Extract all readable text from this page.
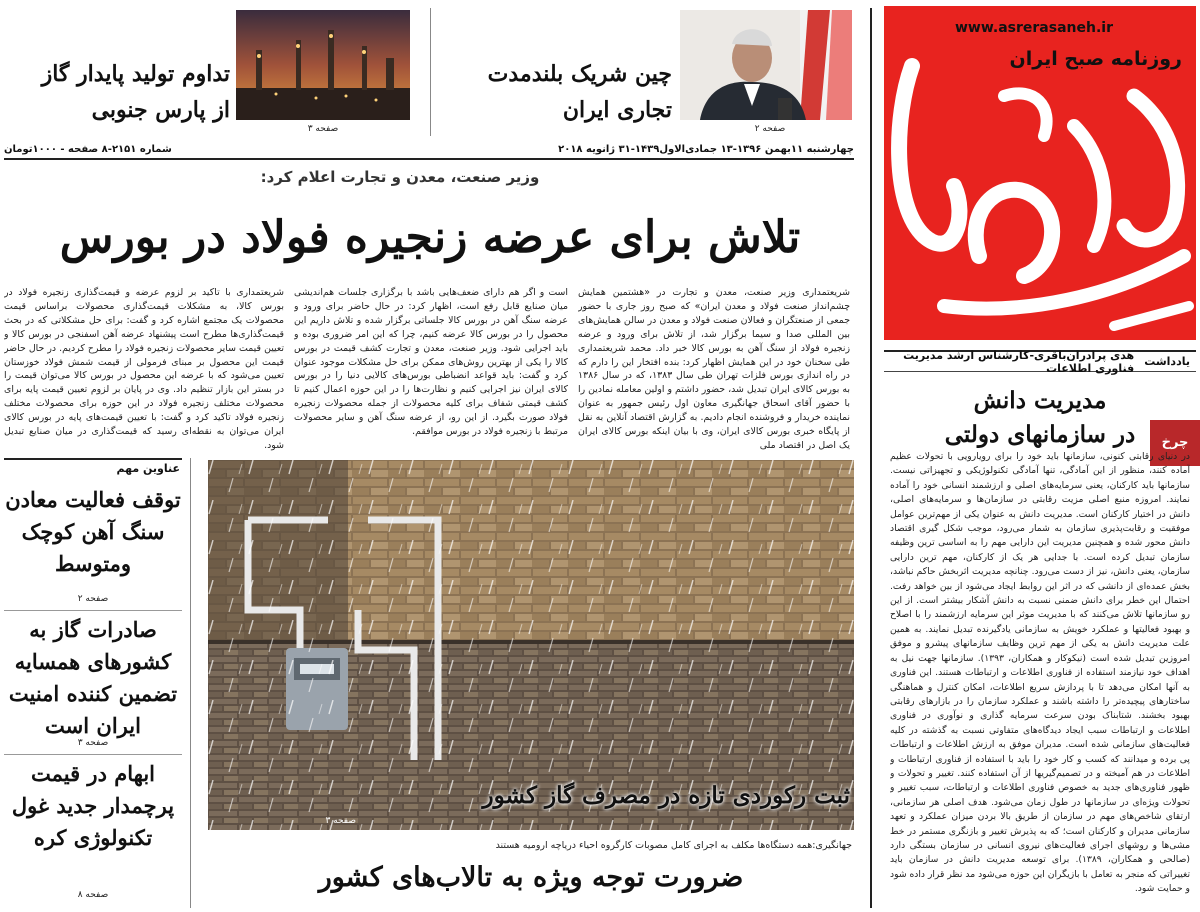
www.asrerasaneh.ir
روزنامه صبح ایران
یادداشت
هدی پرادران‌باقری-کارشناس ارشد مدیریت فناوری اطلاعات
مدیریت دانش
در سازمانهای دولتی	چرخ
در دنیای رقابتی کنونی، سازمانها باید خود را برای رویارویی با تحولات عظیم آماده کنند، منظور از این آمادگی، تنها آمادگی تکنولوژیکی و تجهیزاتی نیست. سازمانها باید کارکنان، یعنی سرمایه‌های اصلی و ارزشمند انسانی خود را آماده نمایند. امروزه منبع اصلی مزیت رقابتی در سازمان‌ها و سرمایه‌های اصلی، دانش در اختیار کارکنان است. مدیریت دانش به عنوان یکی از مهم‌ترین عوامل موفقیت و رقابت‌پذیری سازمان به شمار می‌رود، موجب شکل گیری اقتصاد دانش محور شده و همچنین مدیریت این دارایی مهم را به اساسی ترین وظیفه سازمان تبدیل کرده است. با جدایی هر یک از کارکنان، مهم ترین دارایی سازمان، یعنی دانش، نیز از دست می‌رود. چنانچه مدیریت اثربخش حاکم نباشد، بخش عمده‌ای از دانشی که در اثر این روابط ایجاد می‌شود از بین خواهد رفت. احتمال این خطر برای دانش ضمنی نسبت به دانش آشکار بیشتر است. از این رو سازمانها تلاش می‌کنند که با مدیریت موثر این سرمایه ارزشمند را با اصلاح و بهبود فعالیتها و عملکرد خویش به سازمانی یادگیرنده تبدیل نمایند. به همین علت مدیریت دانش به یکی از مهم ترین وظایف سازمانهای پیشرو و موفق امروزین تبدیل شده است (نیکوکار و همکاران، ۱۳۹۳). سازمانها جهت نیل به اهداف خود نیازمند استفاده از فناوری اطلاعات و ارتباطات هستند. این فناوری به آنها امکان می‌دهد تا با پردازش سریع اطلاعات، امکان کنترل و هماهنگی ساختارهای پیچیده‌تر را داشته باشند و عملکرد سازمان را در بازارهای رقابتی بهبود بخشند. شتابناک بودن سرعت سرمایه گذاری و نوآوری در فناوری اطلاعات و ارتباطات سبب ایجاد دیدگاه‌های متفاوتی نسبت به گذشته در کلیه فعالیت‌های سازمانی شده است. مدیران موفق به ارزش اطلاعات و ارتباطات پی برده و میدانند که کسب و کار خود را باید با استفاده از فناوری ارتباطات و اطلاعات در هم آمیخته و در تصمیم‌گیریها از آن استفاده کنند. تغییر و تحولات و ظهور فناوری‌های جدید به خصوص فناوری اطلاعات و ارتباطات، سبب تغییر و تحولات ویژه‌ای در سازمانها در طول زمان می‌شود. هدف اصلی هر سازمانی، ارتقای شاخص‌های مهم در سازمان از طریق بالا بردن میزان عملکرد و تعهد سازمانی مدیران و کارکنان است؛ که به پذیرش تغییر و بازنگری مستمر در خط مشی‌ها و روشهای اجرای فعالیت‌های نیروی انسانی در سازمان بستگی دارد (صالحی و همکاران، ۱۳۸۹). برای توسعه مدیریت دانش در سازمان باید تغییراتی که منجر به تعامل با بازیگران این حوزه می‌شود مد نظر قرار داده شود و حمایت شود.
صفحه ۲
چین شریک بلندمدت
تجاری ایران
صفحه ۳
تداوم تولید پایدار گاز
از پارس جنوبی
چهارشنبه ۱۱بهمن ۱۳۹۶-۱۳ جمادی‌الاول۱۴۳۹-۳۱ ژانویه ۲۰۱۸
شماره ۲۱۵۱-۸ صفحه - ۱۰۰۰تومان
وزیر صنعت، معدن و تجارت اعلام کرد:
تلاش برای عرضه زنجیره فولاد در بورس
شریعتمداری وزیر صنعت، معدن و تجارت در «هشتمین همایش چشم‌انداز صنعت فولاد و معدن ایران» که صبح روز جاری با حضور جمعی از صنعتگران و فعالان صنعت فولاد و معدن در سالن همایش‌های بین المللی صدا و سیما برگزار شد، از تلاش برای ورود و عرضه زنجیره فولاد از سنگ آهن به بورس کالا خبر داد. محمد شریعتمداری طی سخنان خود در این همایش اظهار کرد: بنده افتخار این را دارم که در راه اندازی بورس فلزات تهران طی سال ۱۳۸۳، که در سال ۱۳۸۶ به بورس کالای ایران تبدیل شد، حضور داشتم و اولین معامله نمادین را با حضور آقای اسحاق جهانگیری معاون اول رئیس جمهور به عنوان نماینده خریدار و فروشنده انجام دادیم. به گزارش اقتصاد آنلاین به نقل از پایگاه خبری بورس کالای ایران، وی با بیان اینکه بورس کالای ایران یک اصل در اقتصاد ملی
است و اگر هم دارای ضعف‌هایی باشد با برگزاری جلسات هم‌اندیشی میان صنایع قابل رفع است، اظهار کرد: در حال حاضر برای ورود و عرضه سنگ آهن در بورس کالا جلساتی برگزار شده و تلاش داریم این محصول را در بورس کالا عرضه کنیم، چرا که این امر ضروری بوده و باید اجرایی شود. وزیر صنعت، معدن و تجارت کشف قیمت در بورس کالا را یکی از بهترین روش‌های ممکن برای حل مشکلات موجود عنوان کرد و گفت: باید قواعد انضباطی بورس‌های کالایی دنیا را در بورس کالای ایران نیز اجرایی کنیم و نظارت‌ها را در این حوزه اعمال کنیم تا کشف قیمتی شفاف برای کلیه محصولات از جمله محصولات زنجیره فولاد صورت بگیرد. از این رو، از عرضه سنگ آهن و سایر محصولات مرتبط با زنجیره فولاد در بورس موافقم.
شریعتمداری با تاکید بر لزوم عرضه و قیمت‌گذاری زنجیره فولاد در بورس کالا، به مشکلات قیمت‌گذاری محصولات براساس قیمت محصولات یک مجتمع اشاره کرد و گفت: برای حل مشکلاتی که در بحث قیمت‌گذاری‌ها مطرح است پیشنهاد عرضه آهن اسفنجی در بورس کالا و تعیین قیمت سایر محصولات زنجیره فولاد را مطرح کردیم. در حال حاضر قیمت این محصول بر مبنای فرمولی از قیمت شمش فولاد خوزستان تعیین می‌شود که با عرضه این محصول در بورس کالا می‌توان قیمت را در بستر این بازار تنظیم داد. وی در پایان بر لزوم تعیین قیمت پایه برای محصولات مختلف زنجیره فولاد در این حوزه برای محصولات مختلف زنجیره فولاد تاکید کرد و گفت: با تعیین قیمت‌های پایه در بورس کالای ایران می‌توان به نقطه‌ای رسید که قیمت‌گذاری در میان صنایع تبدیل شود.
عناوین مهم
توقف فعالیت معادن سنگ آهن کوچک ومتوسط
صفحه ۲
صادرات گاز به کشورهای همسایه تضمین کننده امنیت ایران است
صفحه ۳
ابهام در قیمت پرچمدار جدید غول تکنولوژی کره
صفحه ۸
ثبت رکوردی تازه در مصرف گاز کشور
صفحه ۳
جهانگیری:همه دستگاه‌ها مکلف به اجرای کامل مصوبات کارگروه احیاء دریاچه ارومیه هستند
ضرورت توجه ویژه به تالاب‌های کشور
